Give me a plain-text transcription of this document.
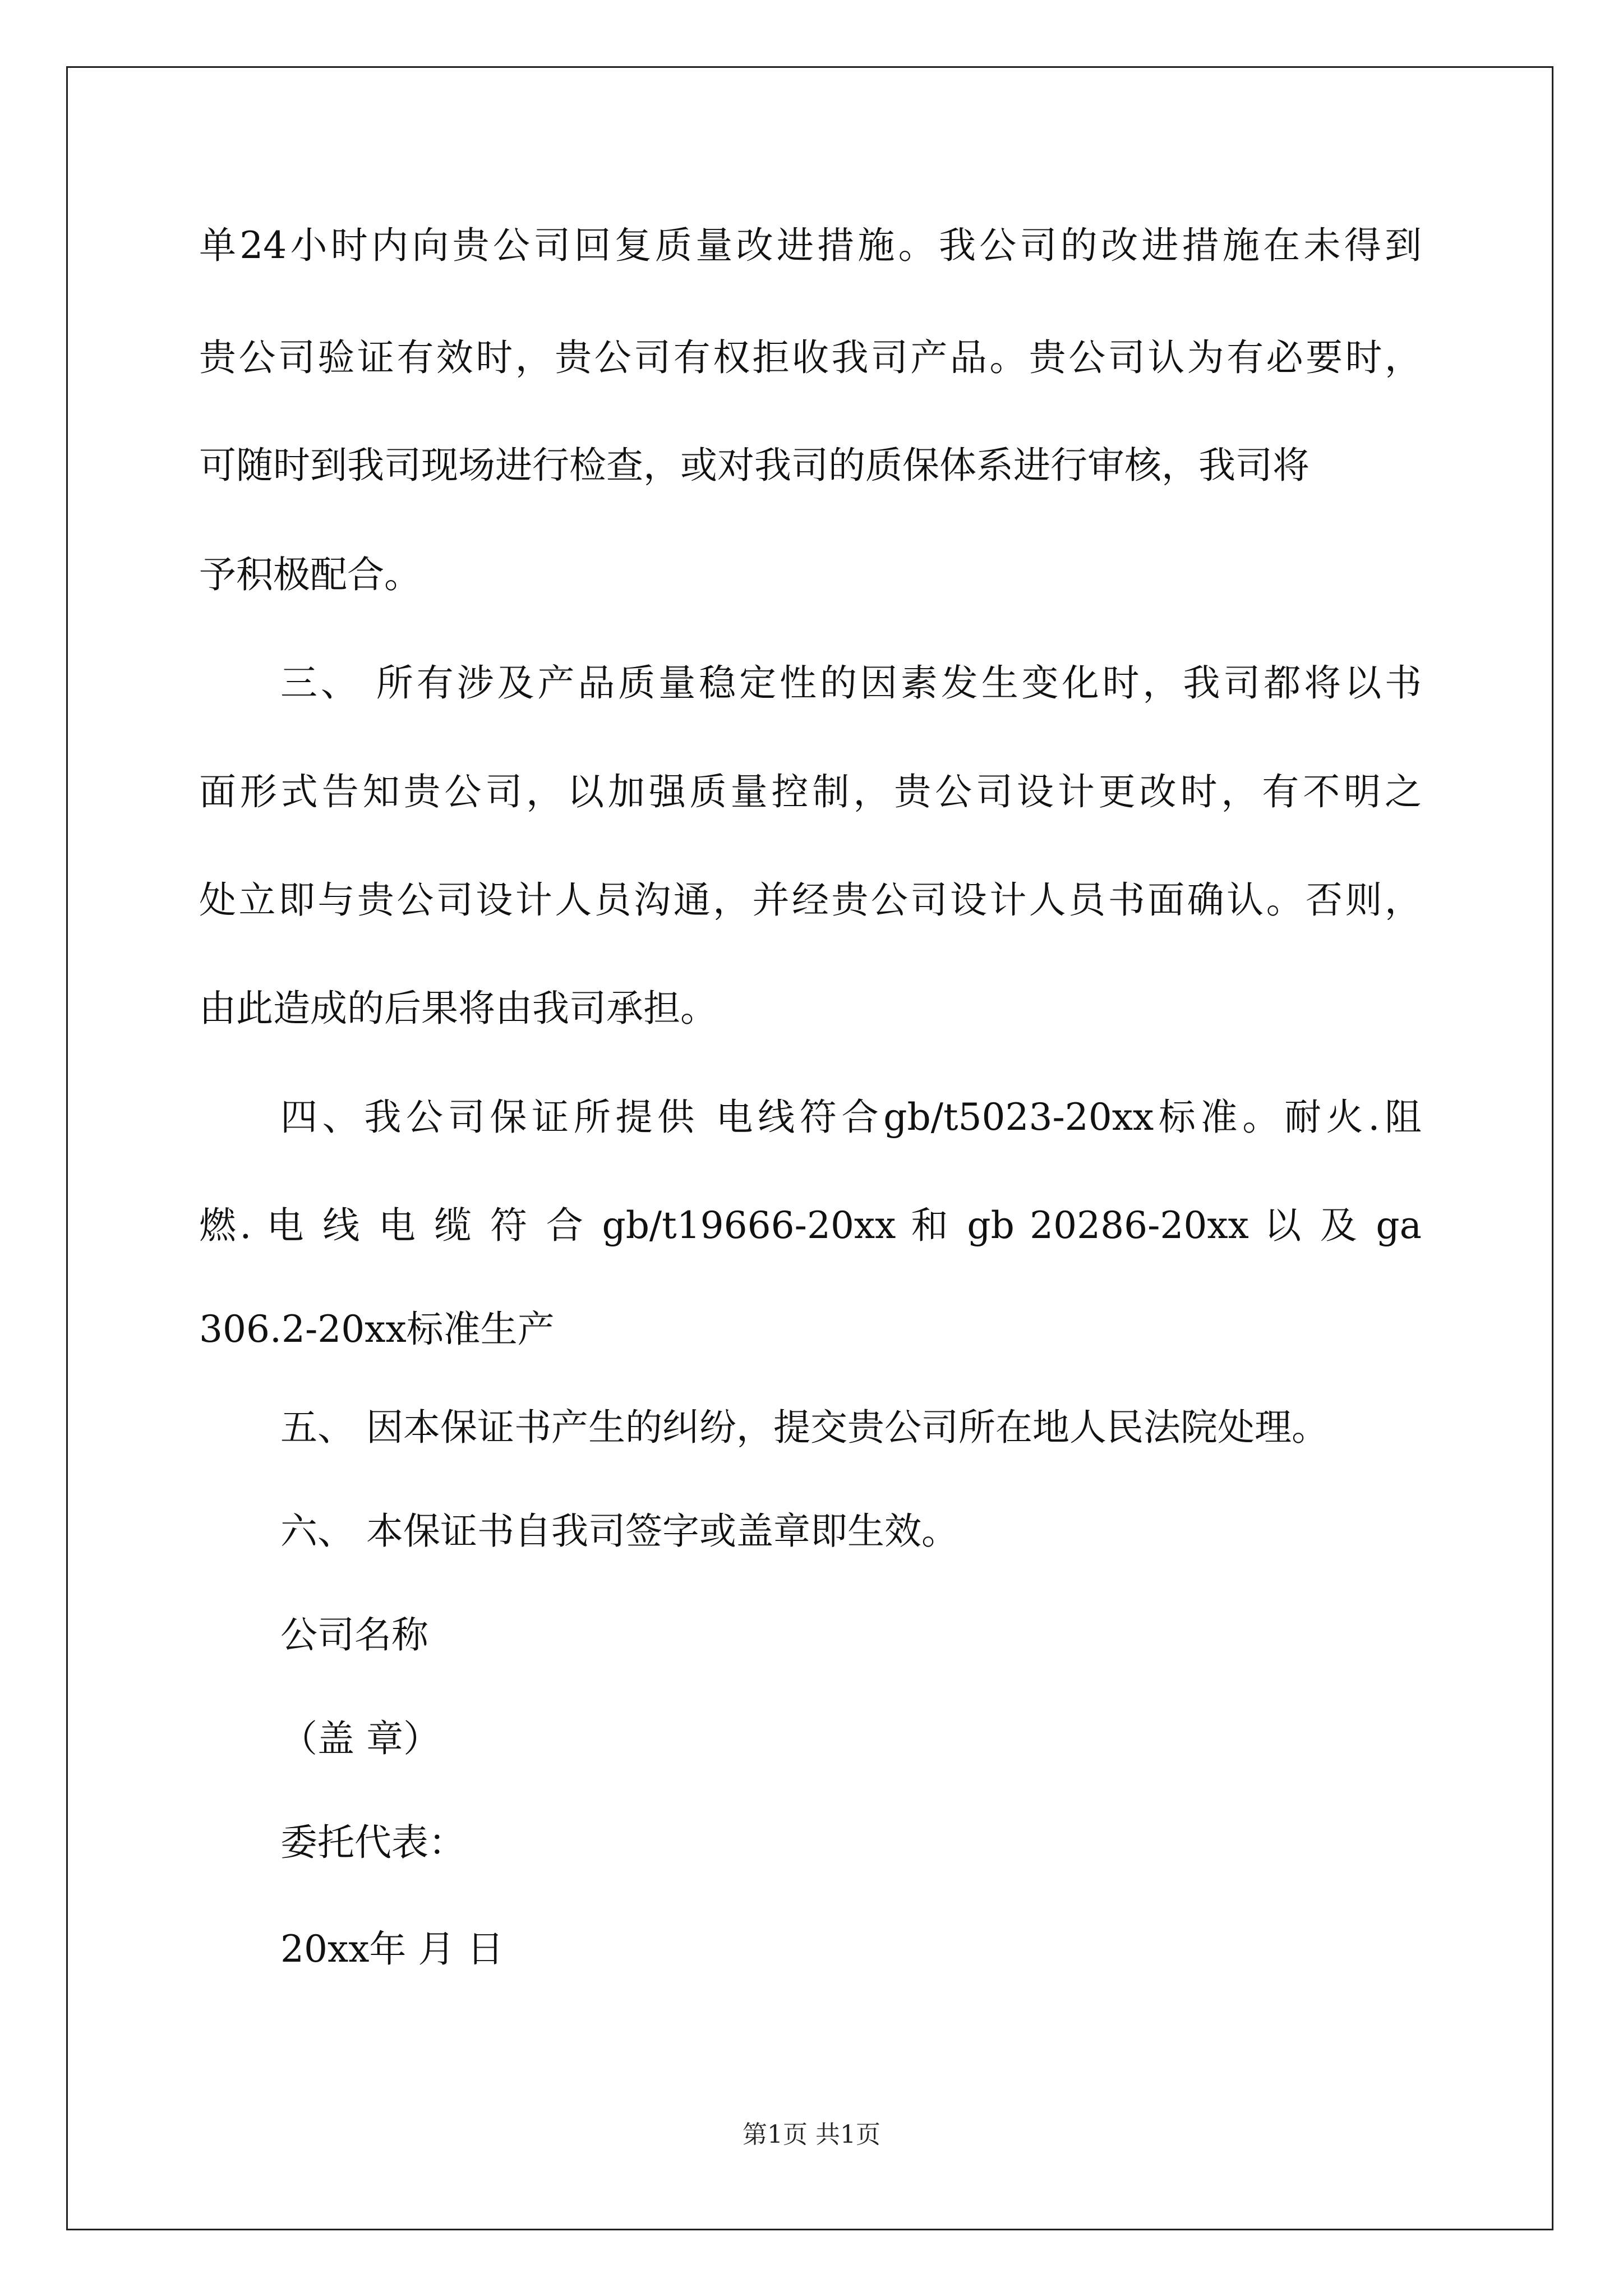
单24小时内向贵公司回复质量改进措施。我公司的改进措施在未得到

贵公司验证有效时，贵公司有权拒收我司产品。贵公司认为有必要时，

可随时到我司现场进行检查，或对我司的质保体系进行审核，我司将

予积极配合。

三、 所有涉及产品质量稳定性的因素发生变化时，我司都将以书

面形式告知贵公司，以加强质量控制，贵公司设计更改时，有不明之

处立即与贵公司设计人员沟通，并经贵公司设计人员书面确认。否则，

由此造成的后果将由我司承担。

四、我公司保证所提供 电线符合gb/t5023-20xx标准。耐火.阻

燃. 电 线 电 缆 符 合 gb/t19666-20xx 和 gb 20286-20xx 以 及 ga

306.2-20xx标准生产

五、 因本保证书产生的纠纷，提交贵公司所在地人民法院处理。

六、 本保证书自我司签字或盖章即生效。

公司名称

（盖 章）

委托代表：

20xx年 月 日

第1页 共1页
